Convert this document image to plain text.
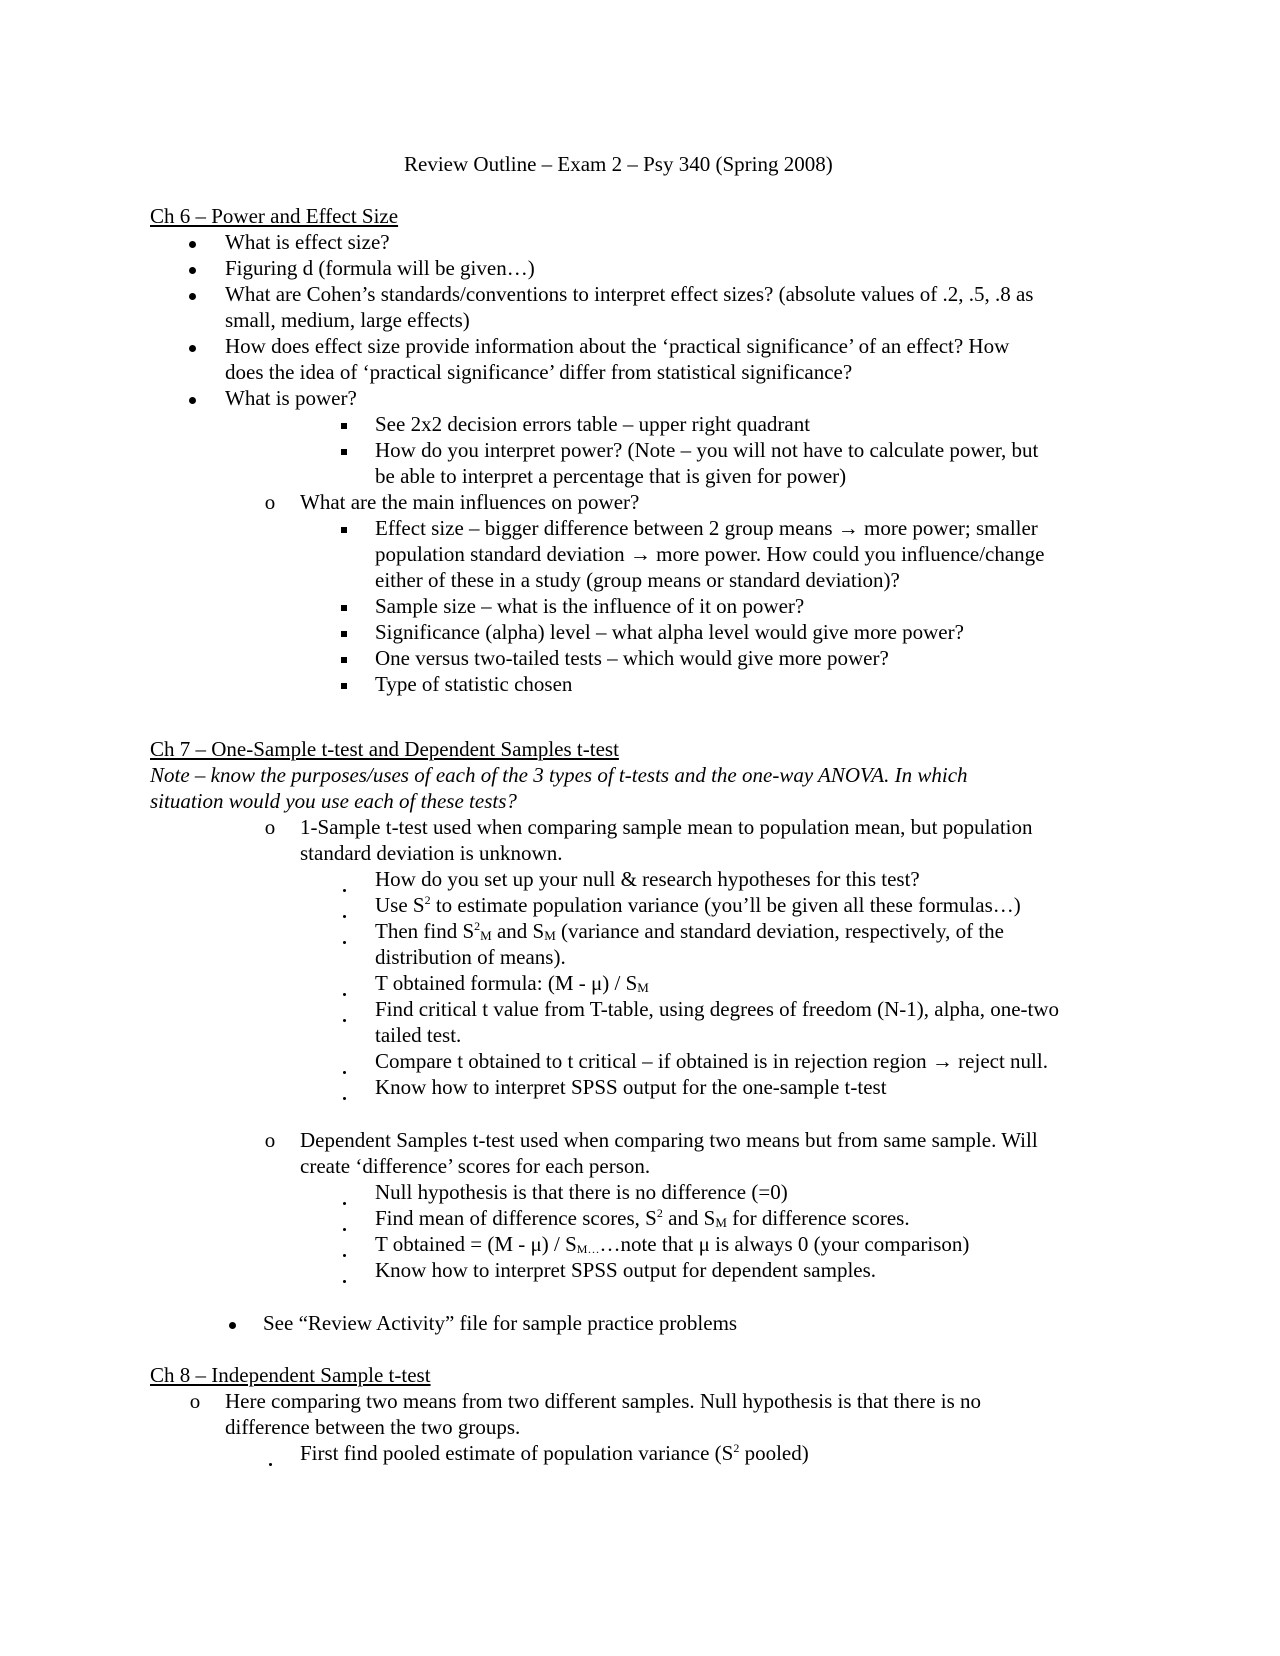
Review Outline – Exam 2 – Psy 340 (Spring 2008)
Ch 6 – Power and Effect Size
What is effect size?
Figuring d (formula will be given…)
What are Cohen’s standards/conventions to interpret effect sizes? (absolute values of .2, .5, .8 as
small, medium, large effects)
How does effect size provide information about the ‘practical significance’ of an effect? How
does the idea of ‘practical significance’ differ from statistical significance?
What is power?
See 2x2 decision errors table – upper right quadrant
How do you interpret power? (Note – you will not have to calculate power, but
be able to interpret a percentage that is given for power)
o What are the main influences on power?
Effect size – bigger difference between 2 group means → more power; smaller
population standard deviation → more power. How could you influence/change
either of these in a study (group means or standard deviation)?
Sample size – what is the influence of it on power?
Significance (alpha) level – what alpha level would give more power?
One versus two-tailed tests – which would give more power?
Type of statistic chosen
Ch 7 – One-Sample t-test and Dependent Samples t-test
Note – know the purposes/uses of each of the 3 types of t-tests and the one-way ANOVA. In which
situation would you use each of these tests?
o 1-Sample t-test used when comparing sample mean to population mean, but population
standard deviation is unknown.
How do you set up your null & research hypotheses for this test?
Use $S^2$ to estimate population variance (you’ll be given all these formulas…)
Then find $S^2_M$ and $S_M$ (variance and standard deviation, respectively, of the
distribution of means).
T obtained formula: $(M - \mu) / S_M$
Find critical t value from T-table, using degrees of freedom (N-1), alpha, one-two
tailed test.
Compare t obtained to t critical – if obtained is in rejection region → reject null.
Know how to interpret SPSS output for the one-sample t-test
o Dependent Samples t-test used when comparing two means but from same sample. Will
create ‘difference’ scores for each person.
Null hypothesis is that there is no difference (=0)
Find mean of difference scores, $S^2$ and $S_M$ for difference scores.
T obtained = $(M - \mu) / S_{M\dots}\dots note$ that μ is always 0 (your comparison)
Know how to interpret SPSS output for dependent samples.
See “Review Activity” file for sample practice problems
Ch 8 – Independent Sample t-test
o Here comparing two means from two different samples. Null hypothesis is that there is no
difference between the two groups.
First find pooled estimate of population variance ($S^2$ pooled)
